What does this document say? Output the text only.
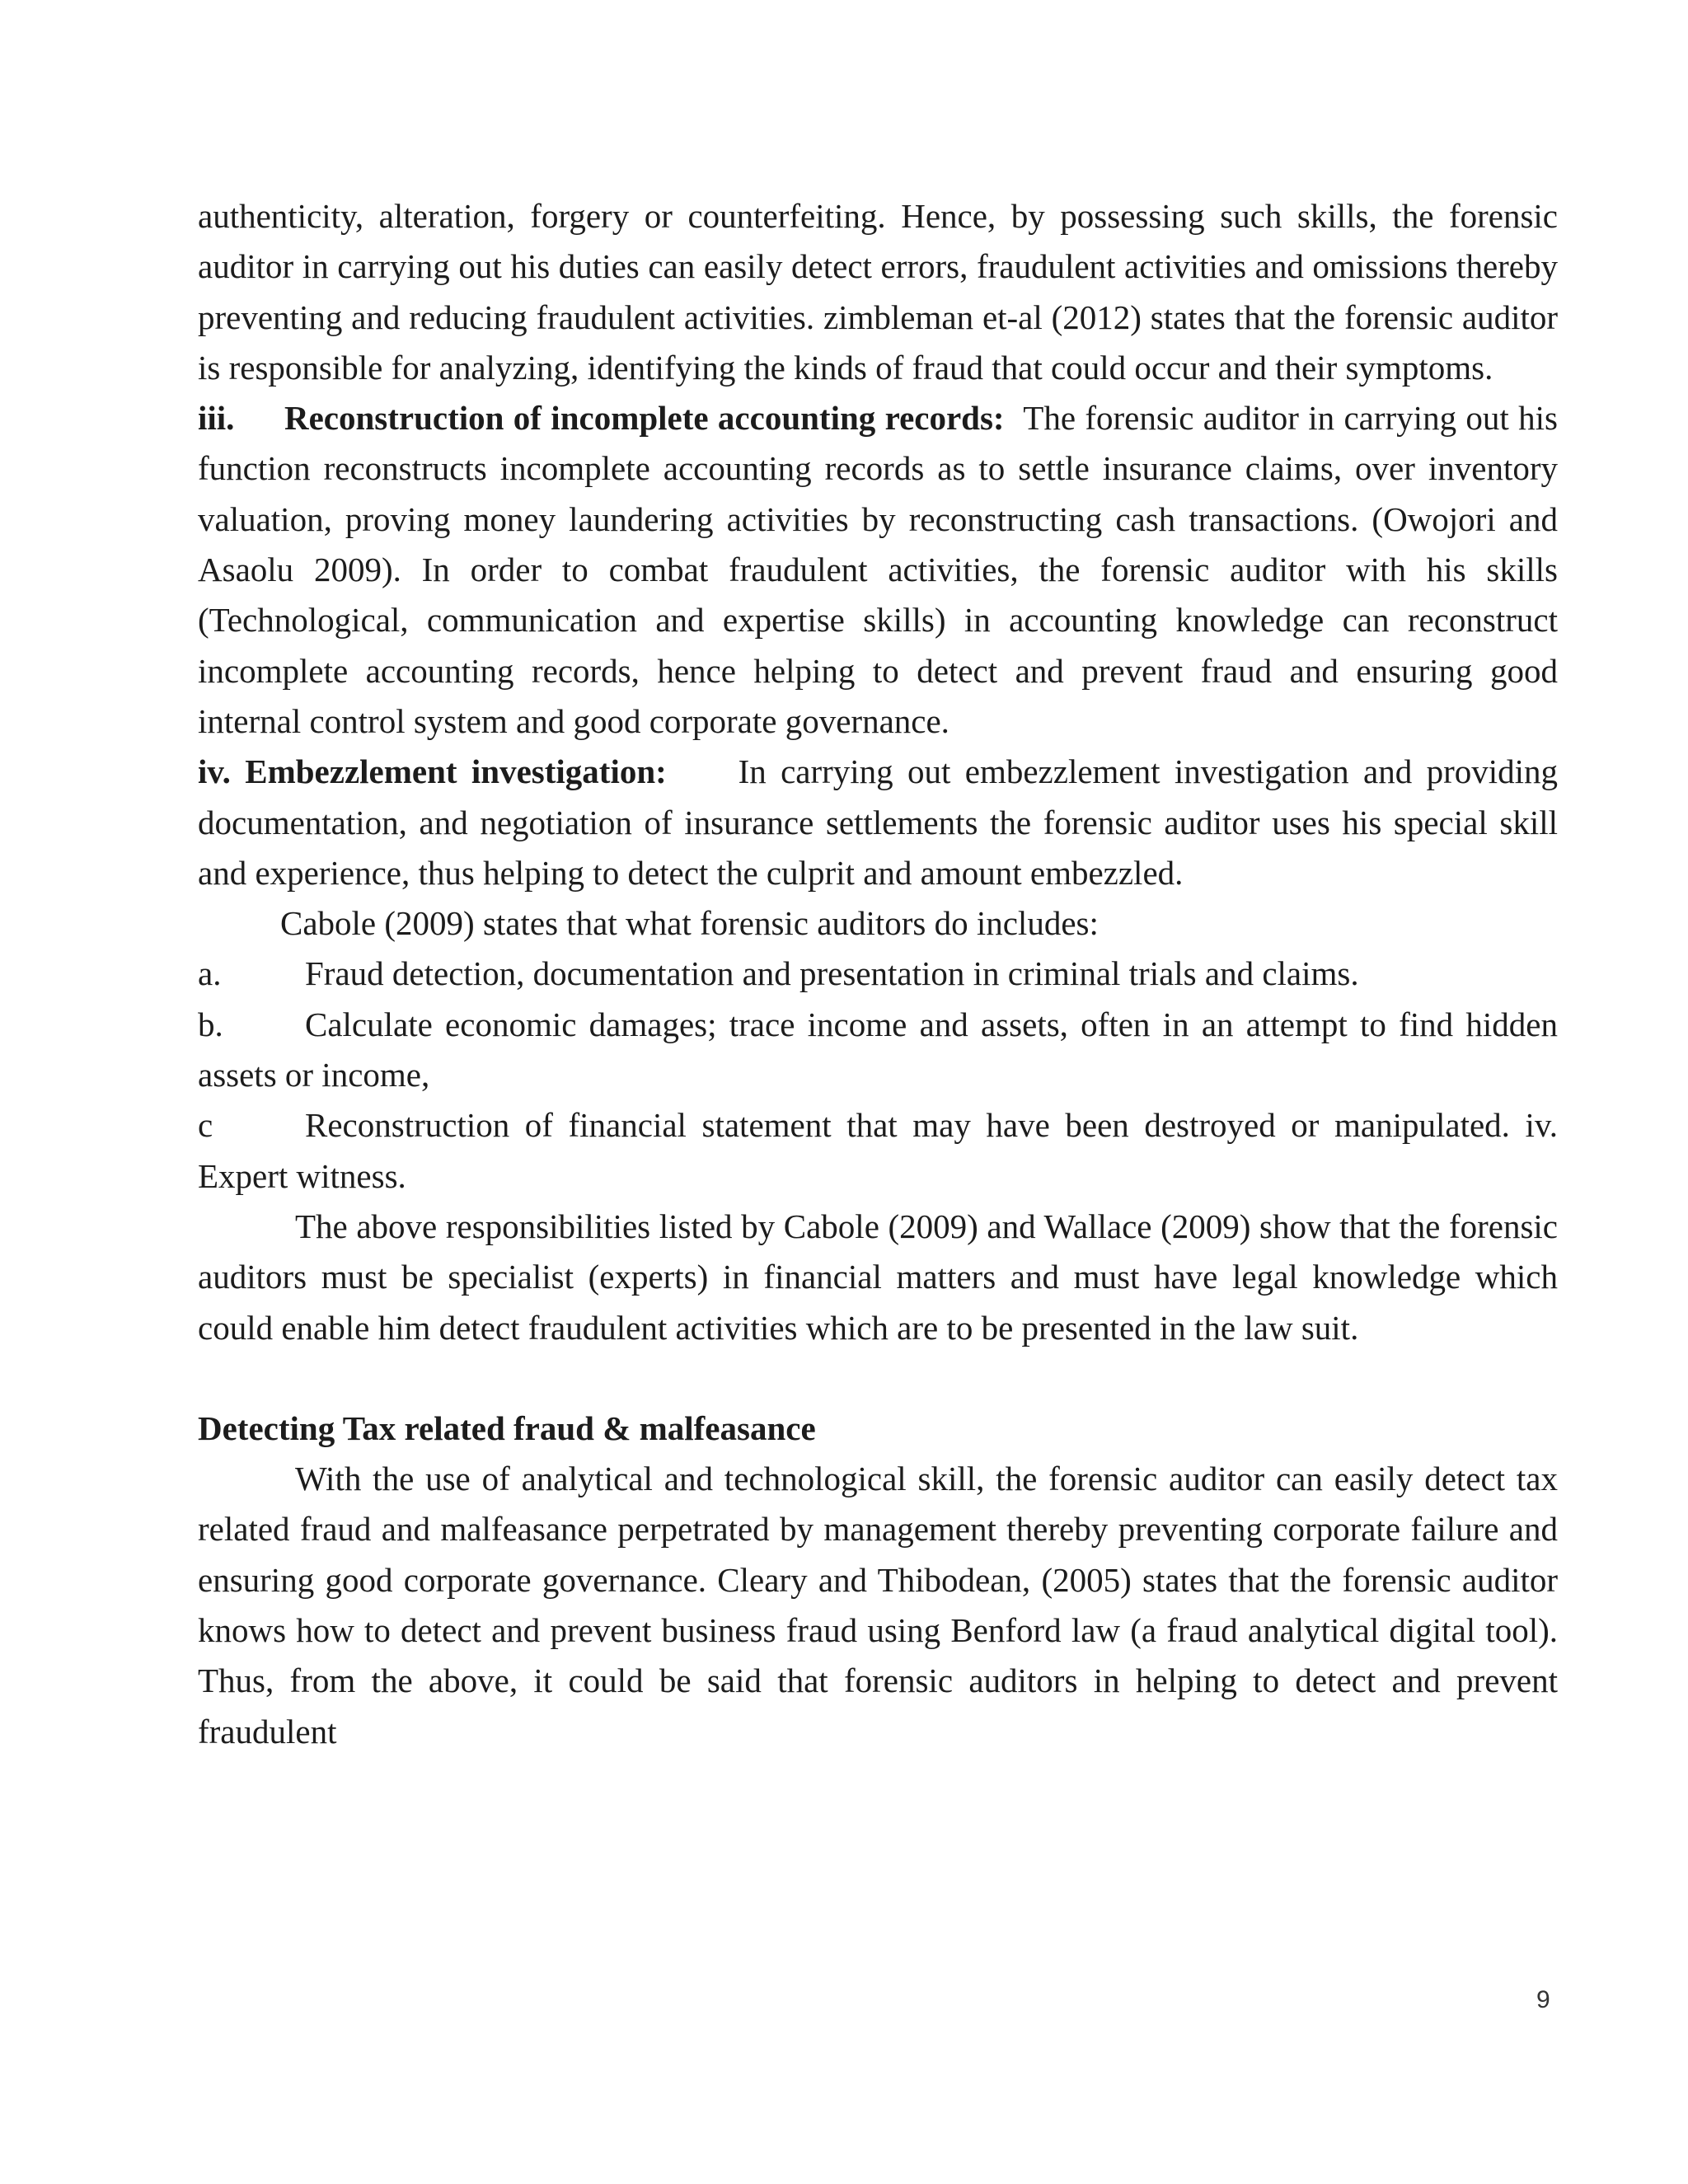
authenticity, alteration, forgery or counterfeiting. Hence, by possessing such skills, the forensic auditor in carrying out his duties can easily detect errors, fraudulent activities and omissions thereby preventing and reducing fraudulent activities. zimbleman et-al (2012) states that the forensic auditor is responsible for analyzing, identifying the kinds of fraud that could occur and their symptoms.

iii. Reconstruction of incomplete accounting records: The forensic auditor in carrying out his function reconstructs incomplete accounting records as to settle insurance claims, over inventory valuation, proving money laundering activities by reconstructing cash transactions. (Owojori and Asaolu 2009). In order to combat fraudulent activities, the forensic auditor with his skills (Technological, communication and expertise skills) in accounting knowledge can reconstruct incomplete accounting records, hence helping to detect and prevent fraud and ensuring good internal control system and good corporate governance.

iv. Embezzlement investigation: In carrying out embezzlement investigation and providing documentation, and negotiation of insurance settlements the forensic auditor uses his special skill and experience, thus helping to detect the culprit and amount embezzled.

Cabole (2009) states that what forensic auditors do includes:

a.	Fraud detection, documentation and presentation in criminal trials and claims.
b. Calculate economic damages; trace income and assets, often in an attempt to find hidden assets or income,
c	Reconstruction of financial statement that may have been destroyed or manipulated. iv. Expert witness.

The above responsibilities listed by Cabole (2009) and Wallace (2009) show that the forensic auditors must be specialist (experts) in financial matters and must have legal knowledge which could enable him detect fraudulent activities which are to be presented in the law suit.

Detecting Tax related fraud & malfeasance

With the use of analytical and technological skill, the forensic auditor can easily detect tax related fraud and malfeasance perpetrated by management thereby preventing corporate failure and ensuring good corporate governance. Cleary and Thibodean, (2005) states that the forensic auditor knows how to detect and prevent business fraud using Benford law (a fraud analytical digital tool). Thus, from the above, it could be said that forensic auditors in helping to detect and prevent fraudulent

9
